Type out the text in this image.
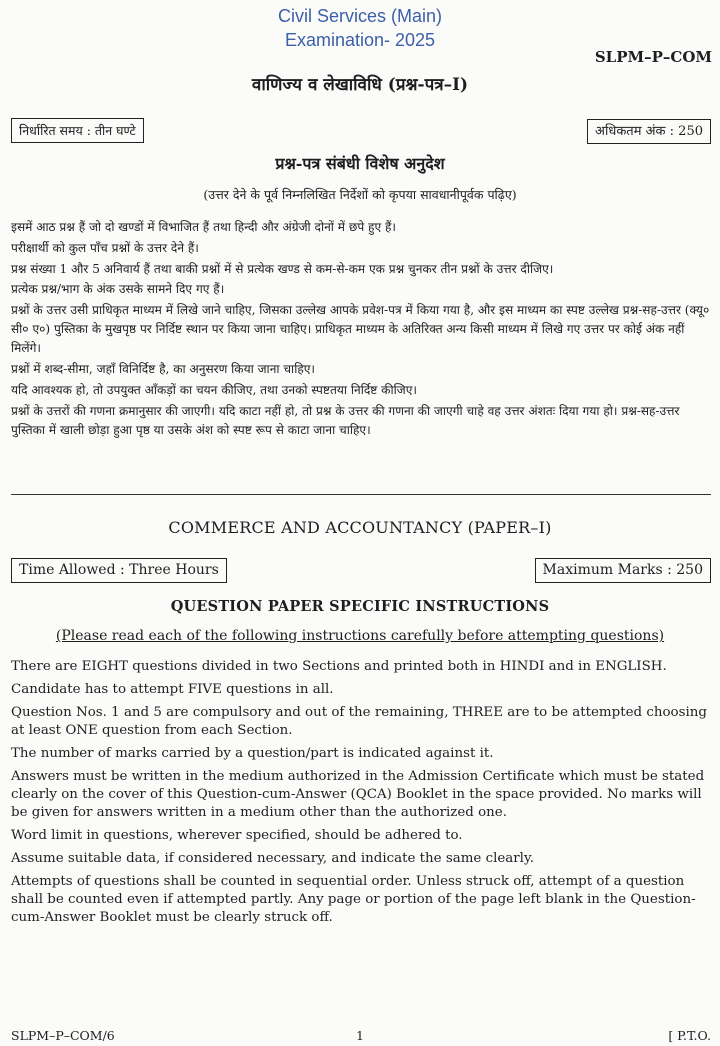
Civil Services (Main)
Examination- 2025
SLPM–P–COM
वाणिज्य व लेखाविधि (प्रश्न-पत्र–I)
निर्धारित समय : तीन घण्टे	अधिकतम अंक : 250
प्रश्न-पत्र संबंधी विशेष अनुदेश
(उत्तर देने के पूर्व निम्नलिखित निर्देशों को कृपया सावधानीपूर्वक पढ़िए)

इसमें आठ प्रश्न हैं जो दो खण्डों में विभाजित हैं तथा हिन्दी और अंग्रेजी दोनों में छपे हुए हैं।

परीक्षार्थी को कुल पाँच प्रश्नों के उत्तर देने हैं।

प्रश्न संख्या 1 और 5 अनिवार्य हैं तथा बाकी प्रश्नों में से प्रत्येक खण्ड से कम-से-कम एक प्रश्न चुनकर तीन प्रश्नों के उत्तर दीजिए।

प्रत्येक प्रश्न/भाग के अंक उसके सामने दिए गए हैं।

प्रश्नों के उत्तर उसी प्राधिकृत माध्यम में लिखे जाने चाहिए, जिसका उल्लेख आपके प्रवेश-पत्र में किया गया है, और इस माध्यम का स्पष्ट उल्लेख प्रश्न-सह-उत्तर (क्यू० सी० ए०) पुस्तिका के मुखपृष्ठ पर निर्दिष्ट स्थान पर किया जाना चाहिए। प्राधिकृत माध्यम के अतिरिक्त अन्य किसी माध्यम में लिखे गए उत्तर पर कोई अंक नहीं मिलेंगे।

प्रश्नों में शब्द-सीमा, जहाँ विनिर्दिष्ट है, का अनुसरण किया जाना चाहिए।

यदि आवश्यक हो, तो उपयुक्त आँकड़ों का चयन कीजिए, तथा उनको स्पष्टतया निर्दिष्ट कीजिए।

प्रश्नों के उत्तरों की गणना क्रमानुसार की जाएगी। यदि काटा नहीं हो, तो प्रश्न के उत्तर की गणना की जाएगी चाहे वह उत्तर अंशतः दिया गया हो। प्रश्न-सह-उत्तर पुस्तिका में खाली छोड़ा हुआ पृष्ठ या उसके अंश को स्पष्ट रूप से काटा जाना चाहिए।

COMMERCE AND ACCOUNTANCY (PAPER–I)
Time Allowed : Three Hours	Maximum Marks : 250
QUESTION PAPER SPECIFIC INSTRUCTIONS
(Please read each of the following instructions carefully before attempting questions)

There are EIGHT questions divided in two Sections and printed both in HINDI and in ENGLISH.

Candidate has to attempt FIVE questions in all.

Question Nos. 1 and 5 are compulsory and out of the remaining, THREE are to be attempted choosing at least ONE question from each Section.

The number of marks carried by a question/part is indicated against it.

Answers must be written in the medium authorized in the Admission Certificate which must be stated clearly on the cover of this Question-cum-Answer (QCA) Booklet in the space provided. No marks will be given for answers written in a medium other than the authorized one.

Word limit in questions, wherever specified, should be adhered to.

Assume suitable data, if considered necessary, and indicate the same clearly.

Attempts of questions shall be counted in sequential order. Unless struck off, attempt of a question shall be counted even if attempted partly. Any page or portion of the page left blank in the Question-cum-Answer Booklet must be clearly struck off.

SLPM–P–COM/6	1	[ P.T.O.
